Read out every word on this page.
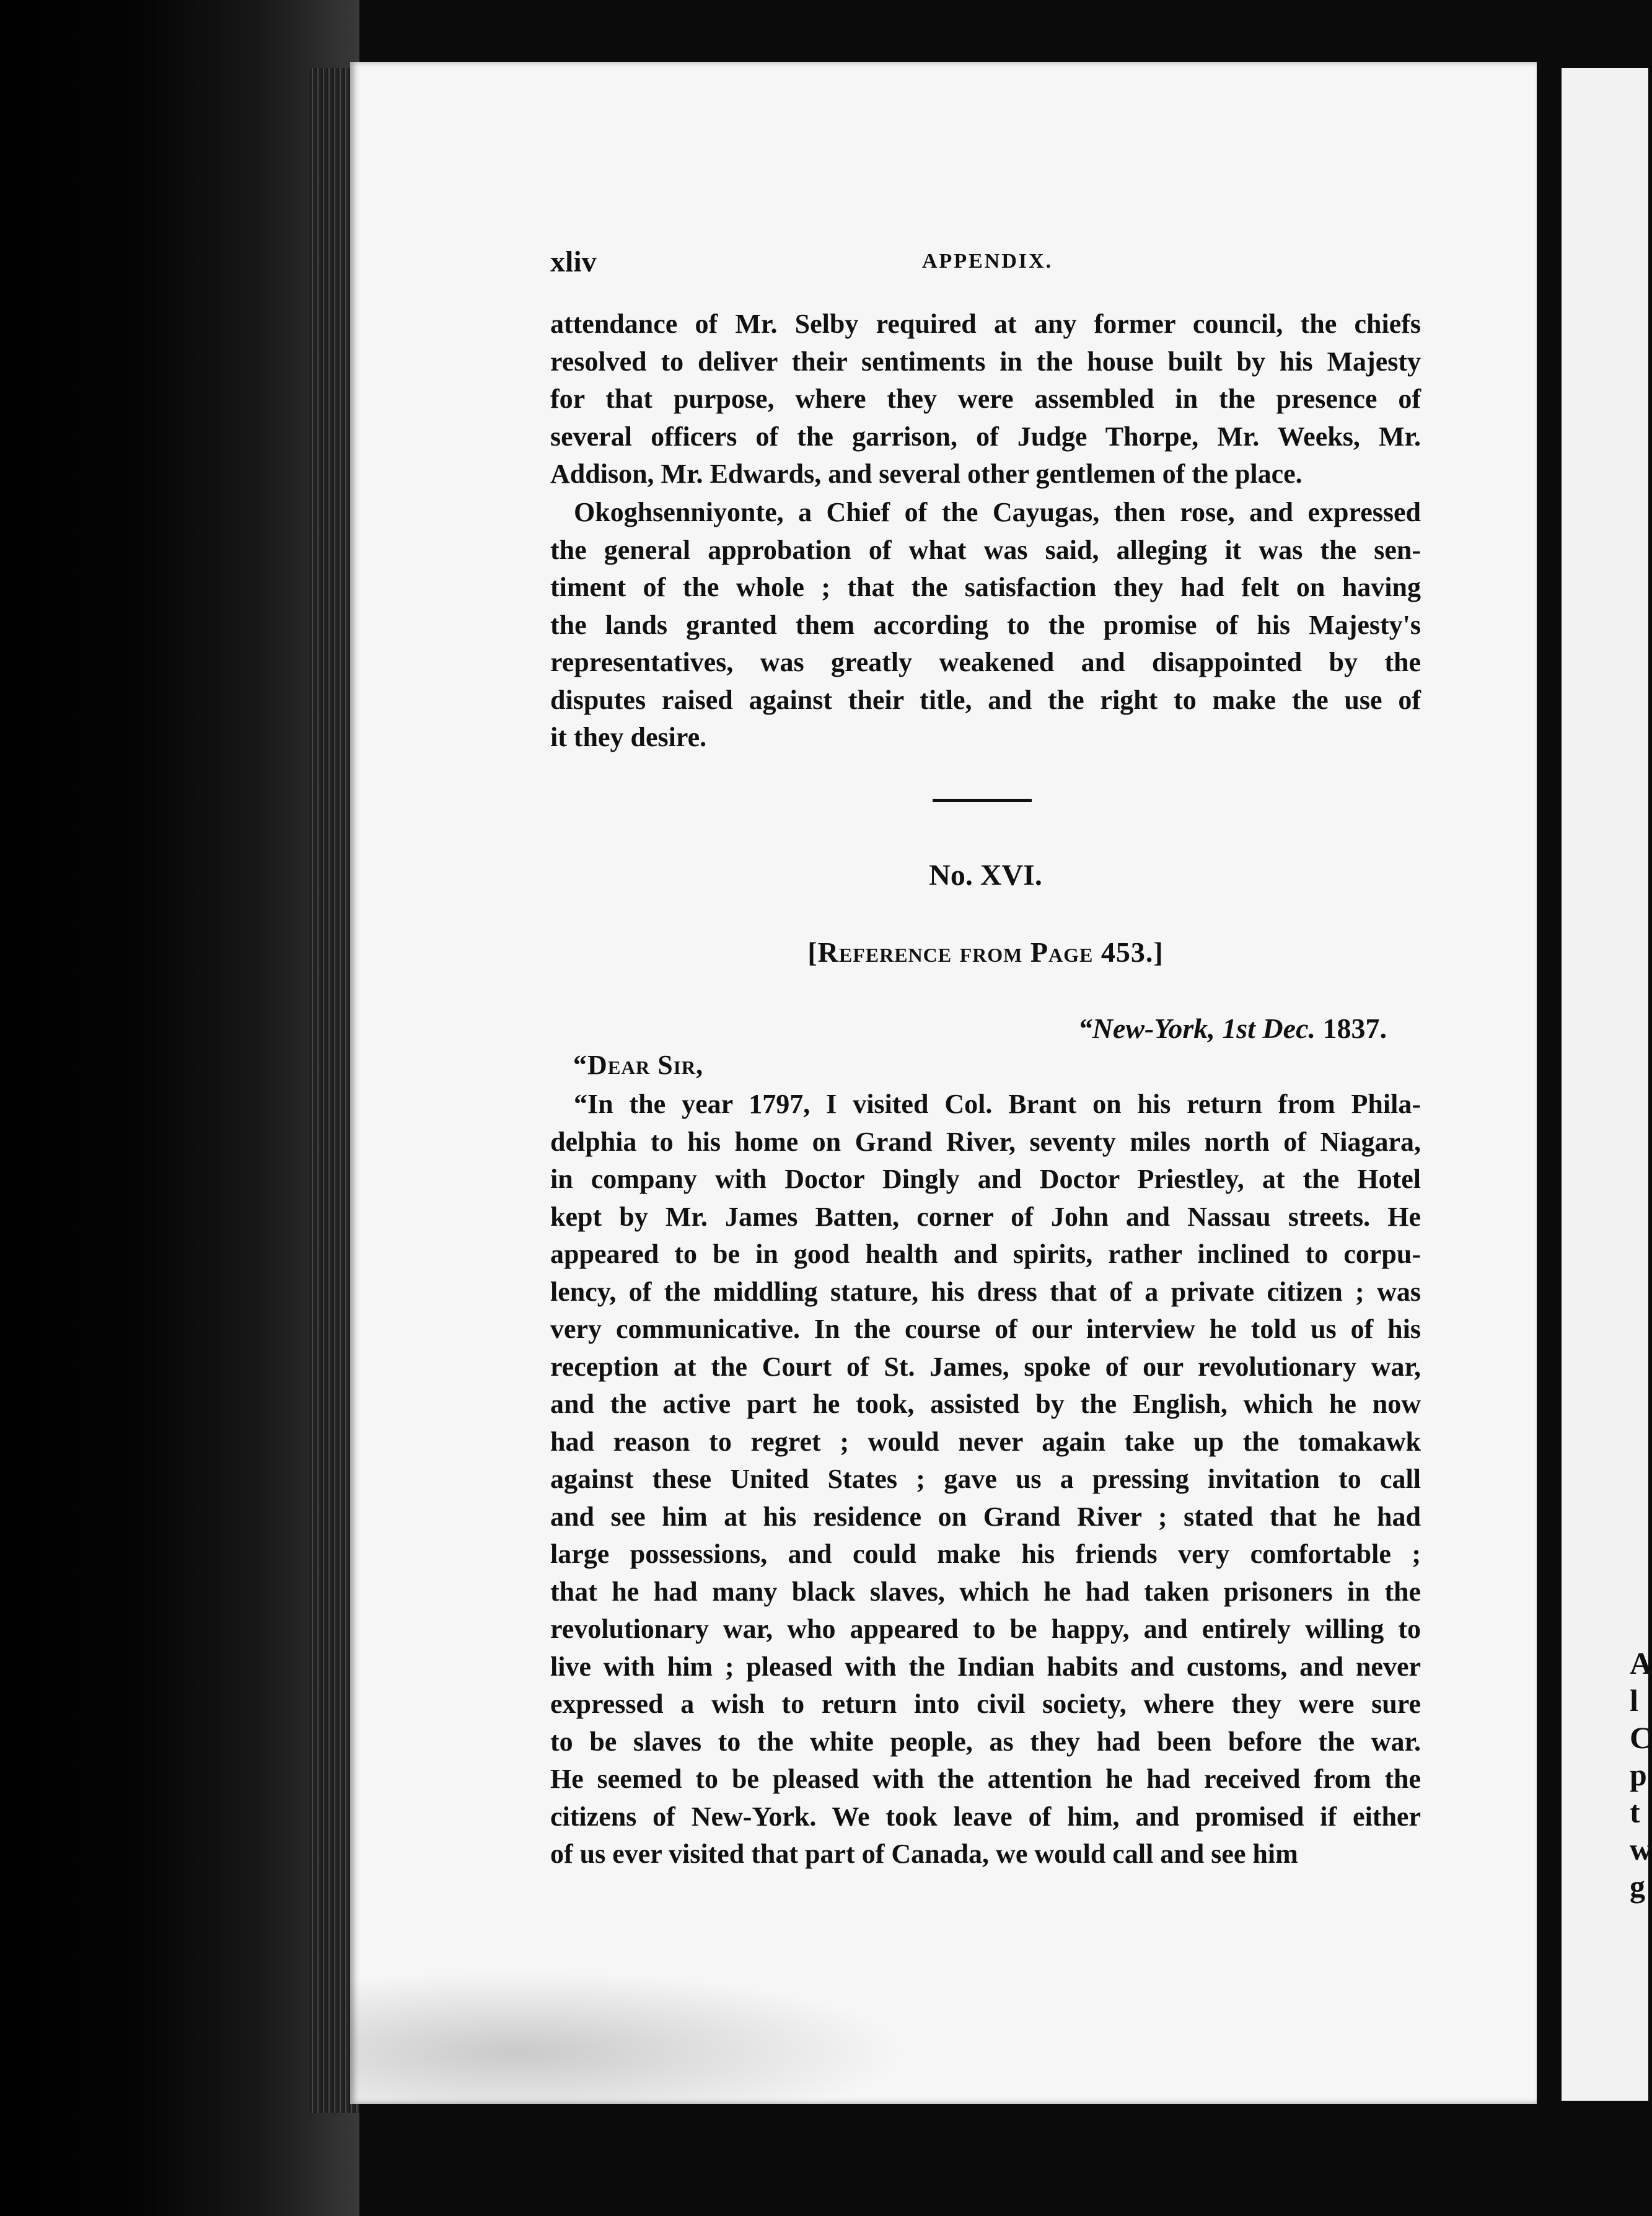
xliv	APPENDIX.
attendance of Mr. Selby required at any former council, the chiefs
resolved to deliver their sentiments in the house built by his Majesty
for that purpose, where they were assembled in the presence of
several officers of the garrison, of Judge Thorpe, Mr. Weeks, Mr.
Addison, Mr. Edwards, and several other gentlemen of the place.
Okoghsenniyonte, a Chief of the Cayugas, then rose, and expressed
the general approbation of what was said, alleging it was the sen-
timent of the whole ; that the satisfaction they had felt on having
the lands granted them according to the promise of his Majesty's
representatives, was greatly weakened and disappointed by the
disputes raised against their title, and the right to make the use of
it they desire.
No. XVI.
[Reference from Page 453.]
“New-York, 1st Dec. 1837.
“Dear Sir,
“In the year 1797, I visited Col. Brant on his return from Phila-
delphia to his home on Grand River, seventy miles north of Niagara,
in company with Doctor Dingly and Doctor Priestley, at the Hotel
kept by Mr. James Batten, corner of John and Nassau streets. He
appeared to be in good health and spirits, rather inclined to corpu-
lency, of the middling stature, his dress that of a private citizen ; was
very communicative. In the course of our interview he told us of his
reception at the Court of St. James, spoke of our revolutionary war,
and the active part he took, assisted by the English, which he now
had reason to regret ; would never again take up the tomakawk
against these United States ; gave us a pressing invitation to call
and see him at his residence on Grand River ; stated that he had
large possessions, and could make his friends very comfortable ;
that he had many black slaves, which he had taken prisoners in the
revolutionary war, who appeared to be happy, and entirely willing to
live with him ; pleased with the Indian habits and customs, and never
expressed a wish to return into civil society, where they were sure
to be slaves to the white people, as they had been before the war.
He seemed to be pleased with the attention he had received from the
citizens of New-York. We took leave of him, and promised if either
of us ever visited that part of Canada, we would call and see him
A
l
C
p
t
w
g
